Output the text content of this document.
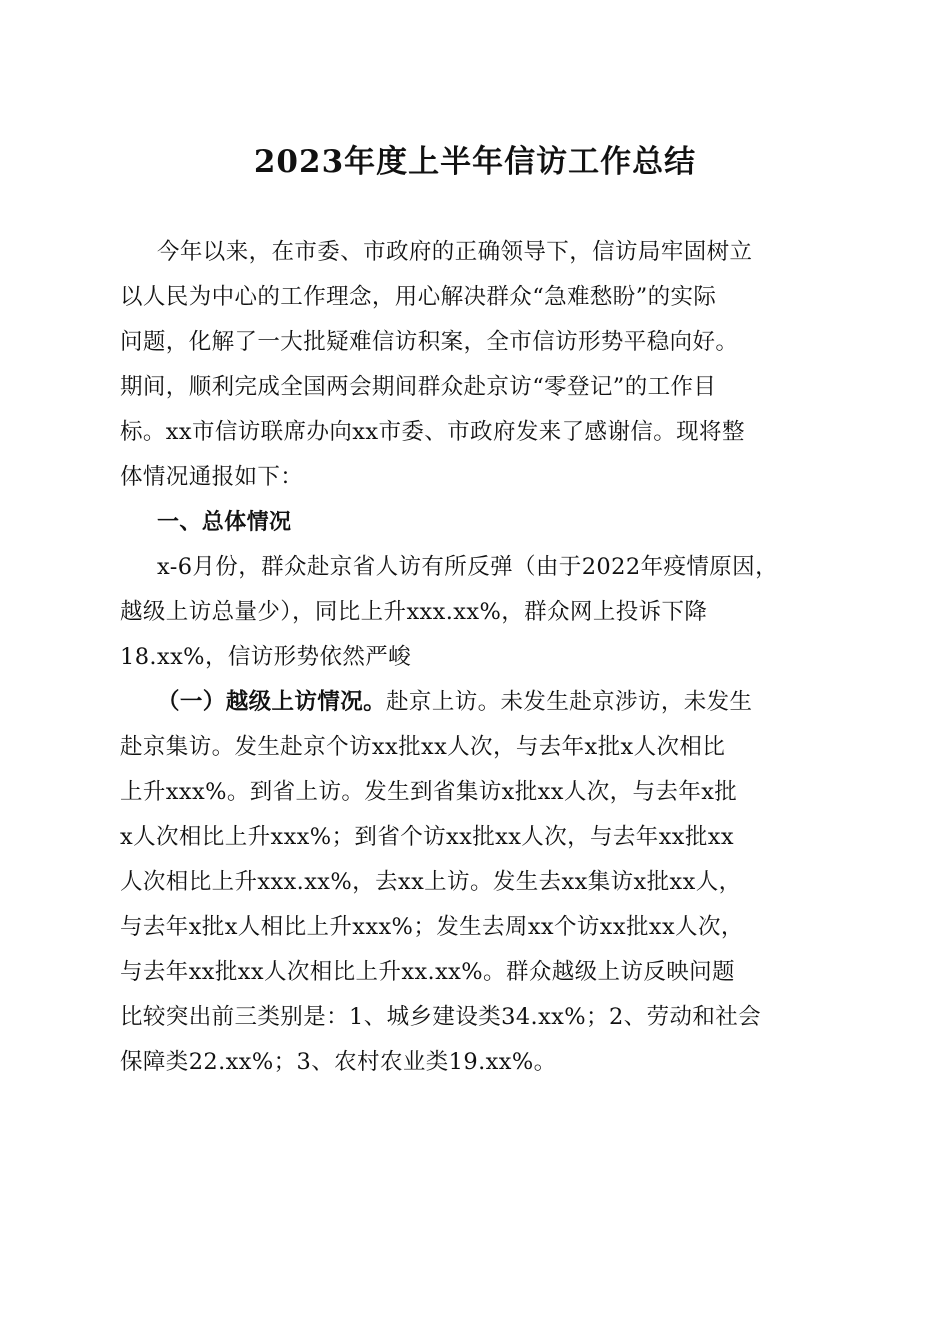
2023年度上半年信访工作总结
今年以来，在市委、市政府的正确领导下，信访局牢固树立
以人民为中心的工作理念，用心解决群众“急难愁盼”的实际
问题，化解了一大批疑难信访积案，全市信访形势平稳向好。
期间，顺利完成全国两会期间群众赴京访“零登记”的工作目
标。xx市信访联席办向xx市委、市政府发来了感谢信。现将整
体情况通报如下：
一、总体情况
x-6月份，群众赴京省人访有所反弹（由于2022年疫情原因，
越级上访总量少），同比上升xxx.xx%，群众网上投诉下降
18.xx%，信访形势依然严峻
（一）越级上访情况。赴京上访。未发生赴京涉访，未发生
赴京集访。发生赴京个访xx批xx人次，与去年x批x人次相比
上升xxx%。到省上访。发生到省集访x批xx人次，与去年x批
x人次相比上升xxx%；到省个访xx批xx人次，与去年xx批xx
人次相比上升xxx.xx%，去xx上访。发生去xx集访x批xx人，
与去年x批x人相比上升xxx%；发生去周xx个访xx批xx人次，
与去年xx批xx人次相比上升xx.xx%。群众越级上访反映问题
比较突出前三类别是：1、城乡建设类34.xx%；2、劳动和社会
保障类22.xx%；3、农村农业类19.xx%。
